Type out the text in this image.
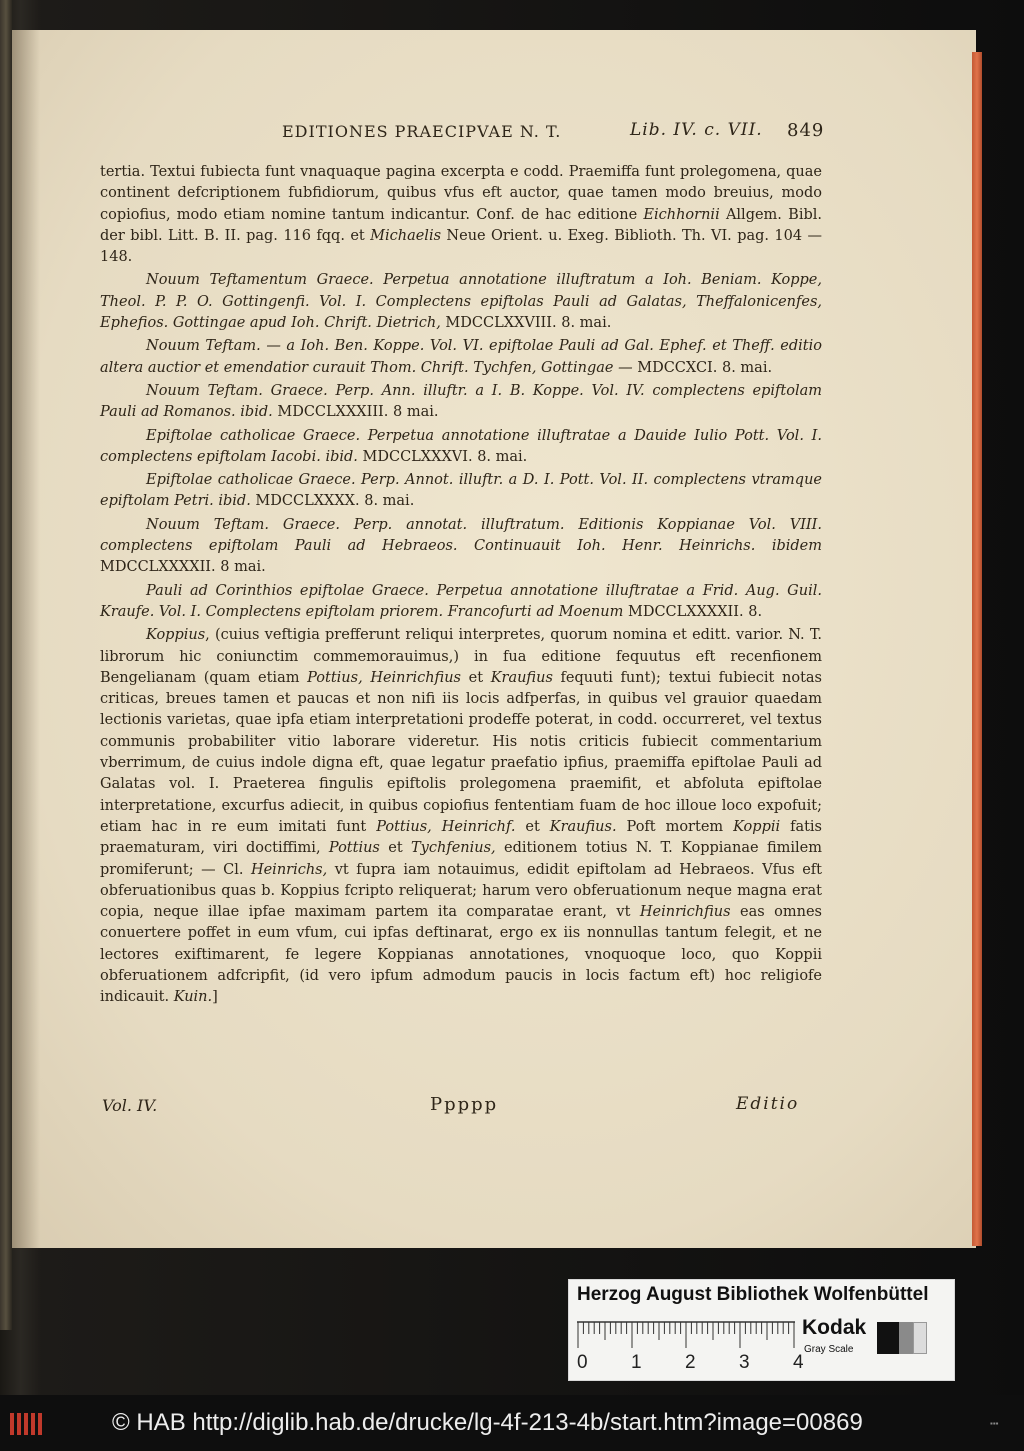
EDITIONES PRAECIPVAE N. T.	Lib. IV. c. VII. 849

tertia. Textui fubiecta funt vnaquaque pagina excerpta e codd. Praemiffa funt prolegomena, quae continent defcriptionem fubfidiorum, quibus vfus eft auctor, quae tamen modo breuius, modo copiofius, modo etiam nomine tantum indicantur. Conf. de hac editione Eichhornii Allgem. Bibl. der bibl. Litt. B. II. pag. 116 fqq. et Michaelis Neue Orient. u. Exeg. Biblioth. Th. VI. pag. 104 — 148.

Nouum Teftamentum Graece. Perpetua annotatione illuftratum a Ioh. Beniam. Koppe, Theol. P. P. O. Gottingenfi. Vol. I. Complectens epiftolas Pauli ad Galatas, Theffalonicenfes, Ephefios. Gottingae apud Ioh. Chrift. Dietrich, MDCCLXXVIII. 8. mai.

Nouum Teftam. — a Ioh. Ben. Koppe. Vol. VI. epiftolae Pauli ad Gal. Ephef. et Theff. editio altera auctior et emendatior curauit Thom. Chrift. Tychfen, Gottingae — MDCCXCI. 8. mai.

Nouum Teftam. Graece. Perp. Ann. illuftr. a I. B. Koppe. Vol. IV. complectens epiftolam Pauli ad Romanos. ibid. MDCCLXXXIII. 8 mai.

Epiftolae catholicae Graece. Perpetua annotatione illuftratae a Dauide Iulio Pott. Vol. I. complectens epiftolam Iacobi. ibid. MDCCLXXXVI. 8. mai.

Epiftolae catholicae Graece. Perp. Annot. illuftr. a D. I. Pott. Vol. II. complectens vtramque epiftolam Petri. ibid. MDCCLXXXX. 8. mai.

Nouum Teftam. Graece. Perp. annotat. illuftratum. Editionis Koppianae Vol. VIII. complectens epiftolam Pauli ad Hebraeos. Continuauit Ioh. Henr. Heinrichs. ibidem MDCCLXXXXII. 8 mai.

Pauli ad Corinthios epiftolae Graece. Perpetua annotatione illuftratae a Frid. Aug. Guil. Kraufe. Vol. I. Complectens epiftolam priorem. Francofurti ad Moenum MDCCLXXXXII. 8.

Koppius, (cuius veftigia prefferunt reliqui interpretes, quorum nomina et editt. varior. N. T. librorum hic coniunctim commemorauimus,) in fua editione fequutus eft recenfionem Bengelianam (quam etiam Pottius, Heinrichfius et Kraufius fequuti funt); textui fubiecit notas criticas, breues tamen et paucas et non nifi iis locis adfperfas, in quibus vel grauior quaedam lectionis varietas, quae ipfa etiam interpretationi prodeffe poterat, in codd. occurreret, vel textus communis probabiliter vitio laborare videretur. His notis criticis fubiecit commentarium vberrimum, de cuius indole digna eft, quae legatur praefatio ipfius, praemiffa epiftolae Pauli ad Galatas vol. I. Praeterea fingulis epiftolis prolegomena praemifit, et abfoluta epiftolae interpretatione, excurfus adiecit, in quibus copiofius fententiam fuam de hoc illoue loco expofuit; etiam hac in re eum imitati funt Pottius, Heinrichf. et Kraufius. Poft mortem Koppii fatis praematuram, viri doctiffimi, Pottius et Tychfenius, editionem totius N. T. Koppianae fimilem promiferunt; — Cl. Heinrichs, vt fupra iam notauimus, edidit epiftolam ad Hebraeos. Vfus eft obferuationibus quas b. Koppius fcripto reliquerat; harum vero obferuationum neque magna erat copia, neque illae ipfae maximam partem ita comparatae erant, vt Heinrichfius eas omnes conuertere poffet in eum vfum, cui ipfas deftinarat, ergo ex iis nonnullas tantum felegit, et ne lectores exiftimarent, fe legere Koppianas annotationes, vnoquoque loco, quo Koppii obferuationem adfcripfit, (id vero ipfum admodum paucis in locis factum eft) hoc religiofe indicauit. Kuin.]

Vol. IV.	Ppppp	Editio
Herzog August Bibliothek Wolfenbüttel
0 1 2 3 4
Kodak
Gray Scale
© HAB http://diglib.hab.de/drucke/lg-4f-213-4b/start.htm?image=00869	▪▪▪
